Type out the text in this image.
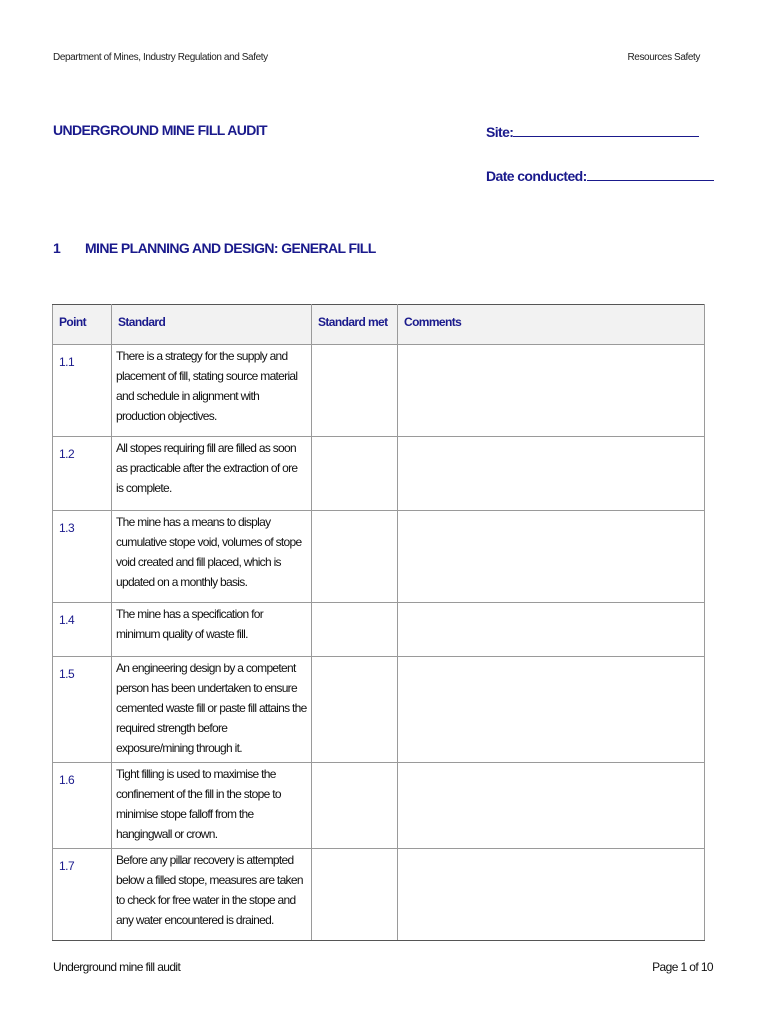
Department of Mines, Industry Regulation and Safety	Resources Safety
UNDERGROUND MINE FILL AUDIT	Site:
Date conducted:
1 MINE PLANNING AND DESIGN: GENERAL FILL
Point	Standard	Standard met	Comments
1.1	There is a strategy for the supply and placement of fill, stating source material and schedule in alignment with production objectives.		
1.2	All stopes requiring fill are filled as soon as practicable after the extraction of ore is complete.		
1.3	The mine has a means to display cumulative stope void, volumes of stope void created and fill placed, which is updated on a monthly basis.		
1.4	The mine has a specification for minimum quality of waste fill.		
1.5	An engineering design by a competent person has been undertaken to ensure cemented waste fill or paste fill attains the required strength before exposure/mining through it.		
1.6	Tight filling is used to maximise the confinement of the fill in the stope to minimise stope falloff from the hangingwall or crown.		
1.7	Before any pillar recovery is attempted below a filled stope, measures are taken to check for free water in the stope and any water encountered is drained.		
Underground mine fill audit	Page 1 of 10
